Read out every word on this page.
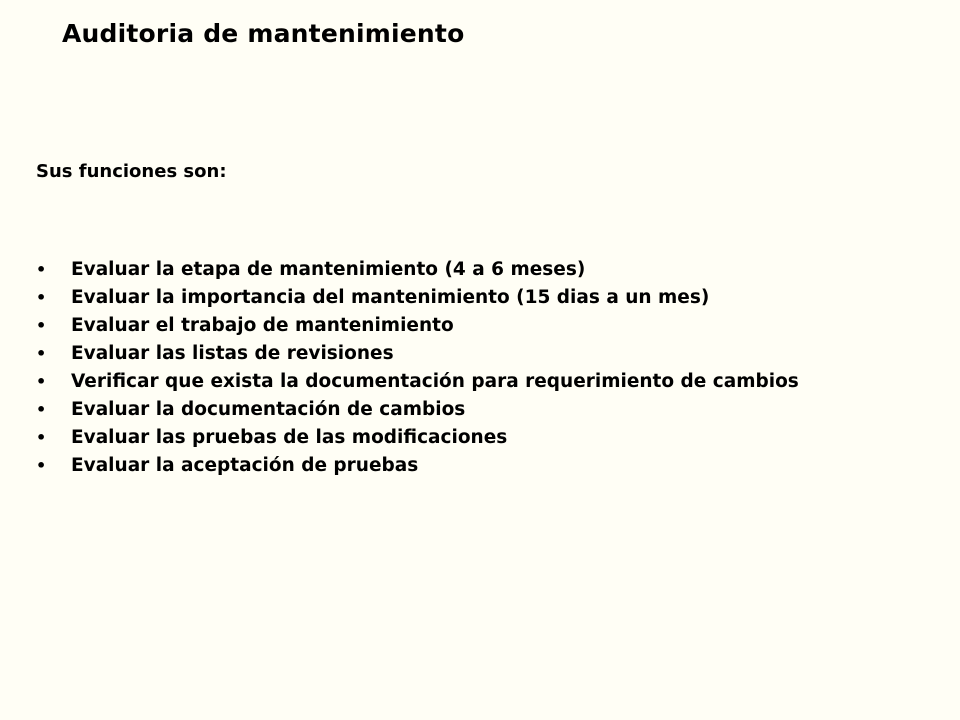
Auditoria de mantenimiento
Sus funciones son:
• Evaluar la etapa de mantenimiento (4 a 6 meses)
• Evaluar la importancia del mantenimiento (15 dias a un mes)
• Evaluar el trabajo de mantenimiento
• Evaluar las listas de revisiones
• Verificar que exista la documentación para requerimiento de cambios
• Evaluar la documentación de cambios
• Evaluar las pruebas de las modificaciones
• Evaluar la aceptación de pruebas
